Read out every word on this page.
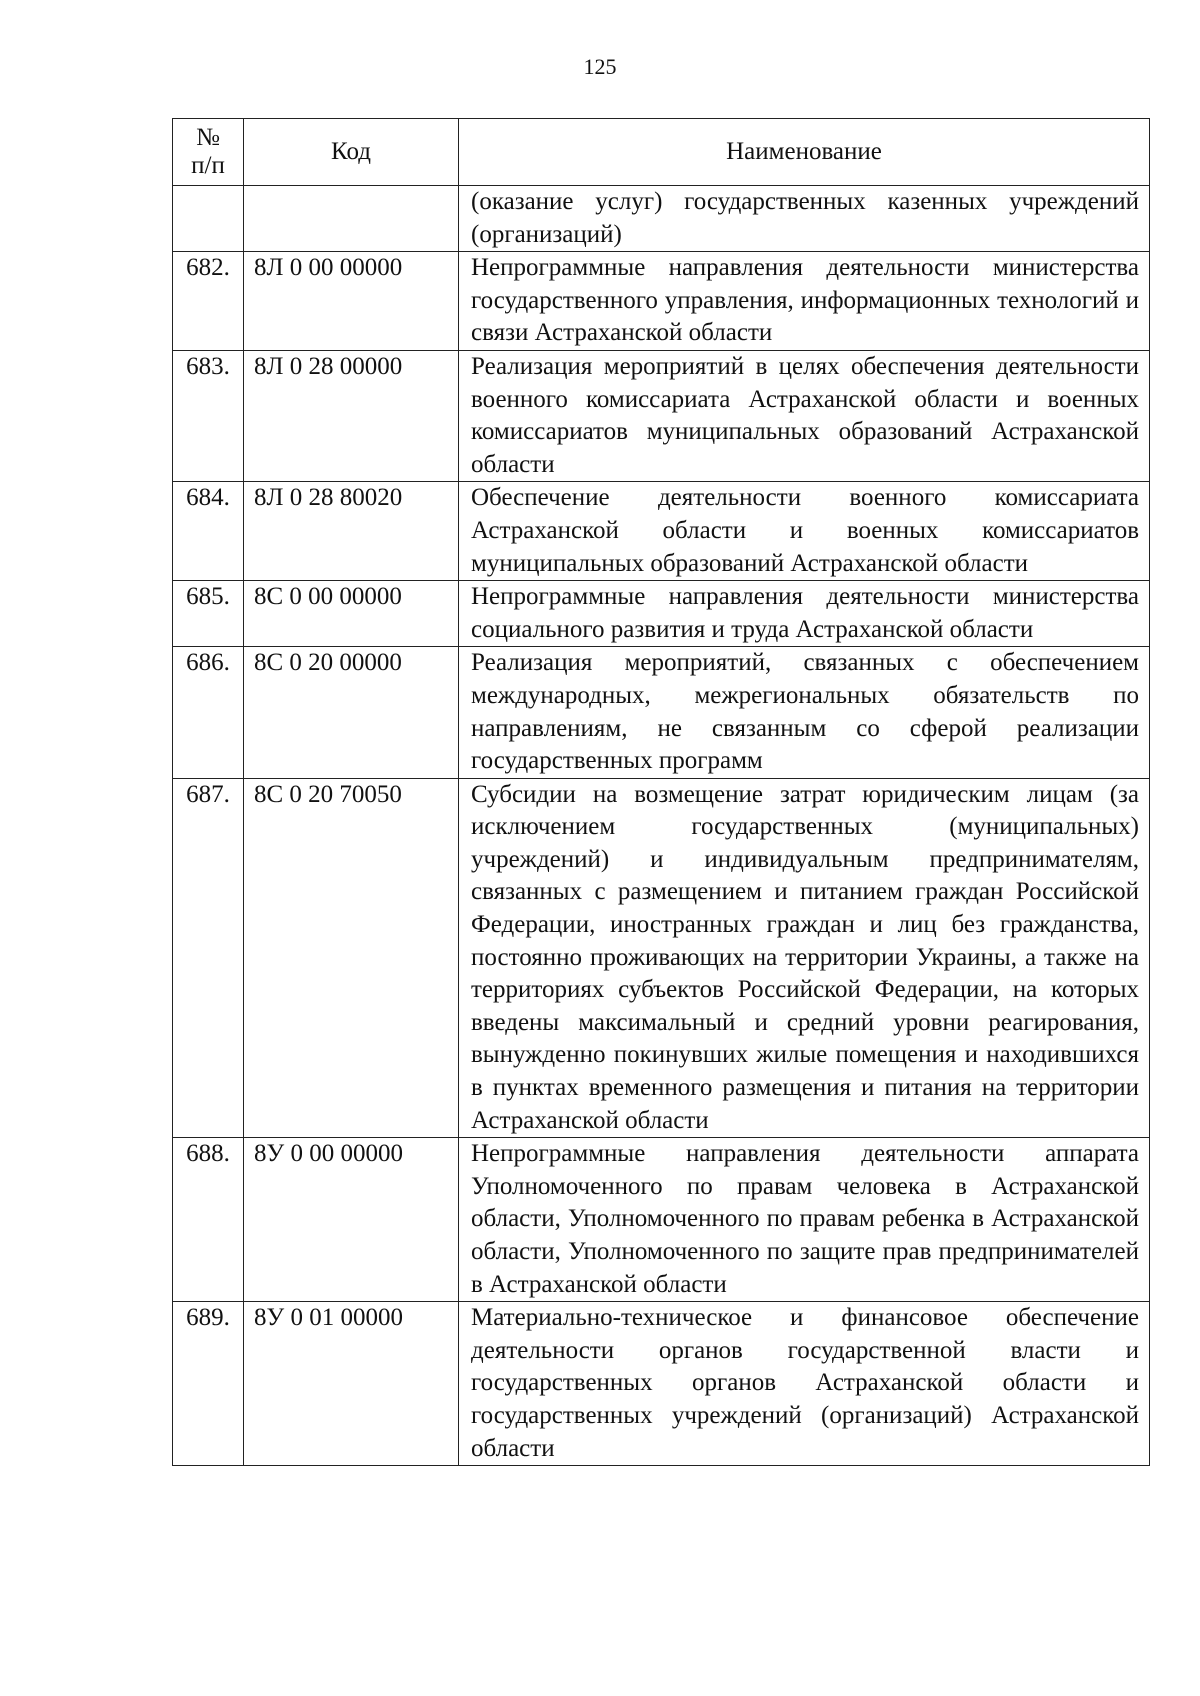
125
№
п/п	Код	Наименование
		(оказание услуг) государственных казенных учреждений (организаций)
682.	8Л 0 00 00000	Непрограммные направления деятельности министерства государственного управления, информационных технологий и связи Астраханской области
683.	8Л 0 28 00000	Реализация мероприятий в целях обеспечения деятельности военного комиссариата Астраханской области и военных комиссариатов муниципальных образований Астраханской области
684.	8Л 0 28 80020	Обеспечение деятельности военного комиссариата Астраханской области и военных комиссариатов муниципальных образований Астраханской области
685.	8С 0 00 00000	Непрограммные направления деятельности министерства социального развития и труда Астраханской области
686.	8С 0 20 00000	Реализация мероприятий, связанных с обеспечением международных, межрегиональных обязательств по направлениям, не связанным со сферой реализации государственных программ
687.	8С 0 20 70050	Субсидии на возмещение затрат юридическим лицам (за исключением государственных (муниципальных) учреждений) и индивидуальным предпринимателям, связанных с размещением и питанием граждан Российской Федерации, иностранных граждан и лиц без гражданства, постоянно проживающих на территории Украины, а также на территориях субъектов Российской Федерации, на которых введены максимальный и средний уровни реагирования, вынужденно покинувших жилые помещения и находившихся в пунктах временного размещения и питания на территории Астраханской области
688.	8У 0 00 00000	Непрограммные направления деятельности аппарата Уполномоченного по правам человека в Астраханской области, Уполномоченного по правам ребенка в Астраханской области, Уполномоченного по защите прав предпринимателей в Астраханской области
689.	8У 0 01 00000	Материально-техническое и финансовое обеспечение деятельности органов государственной власти и государственных органов Астраханской области и государственных учреждений (организаций) Астраханской области
